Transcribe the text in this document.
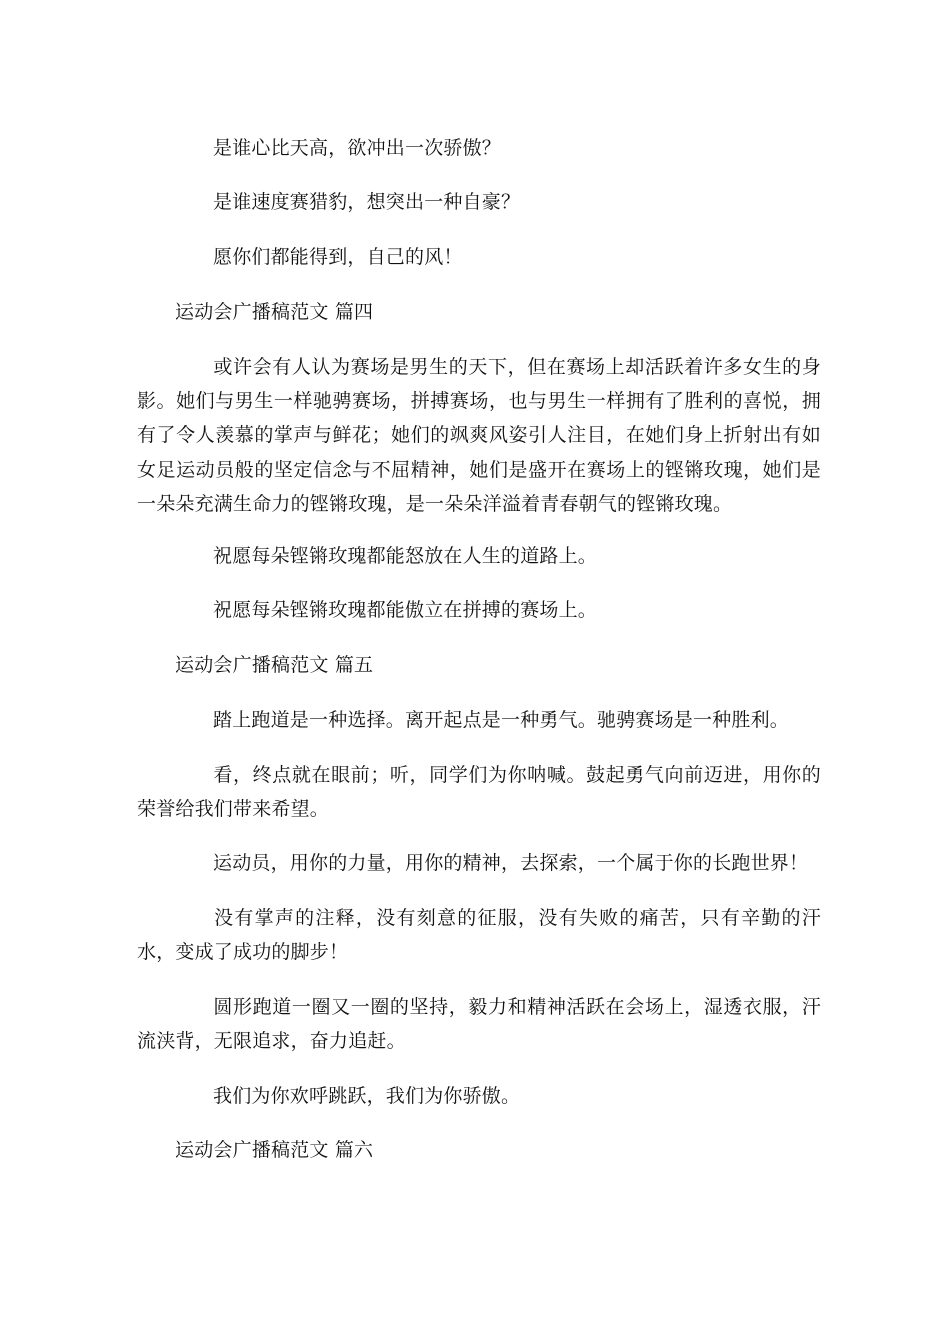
是谁心比天高，欲冲出一次骄傲？
是谁速度赛猎豹，想突出一种自豪？
愿你们都能得到，自己的风！
运动会广播稿范文 篇四
或许会有人认为赛场是男生的天下，但在赛场上却活跃着许多女生的身影。她们与男生一样驰骋赛场，拼搏赛场，也与男生一样拥有了胜利的喜悦，拥有了令人羡慕的掌声与鲜花；她们的飒爽风姿引人注目，在她们身上折射出有如女足运动员般的坚定信念与不屈精神，她们是盛开在赛场上的铿锵玫瑰，她们是一朵朵充满生命力的铿锵玫瑰，是一朵朵洋溢着青春朝气的铿锵玫瑰。
祝愿每朵铿锵玫瑰都能怒放在人生的道路上。
祝愿每朵铿锵玫瑰都能傲立在拼搏的赛场上。
运动会广播稿范文 篇五
踏上跑道是一种选择。离开起点是一种勇气。驰骋赛场是一种胜利。
看，终点就在眼前；听，同学们为你呐喊。鼓起勇气向前迈进，用你的荣誉给我们带来希望。
运动员，用你的力量，用你的精神，去探索，一个属于你的长跑世界！
没有掌声的注释，没有刻意的征服，没有失败的痛苦，只有辛勤的汗水，变成了成功的脚步！
圆形跑道一圈又一圈的坚持，毅力和精神活跃在会场上，湿透衣服，汗流浃背，无限追求，奋力追赶。
我们为你欢呼跳跃，我们为你骄傲。
运动会广播稿范文 篇六
